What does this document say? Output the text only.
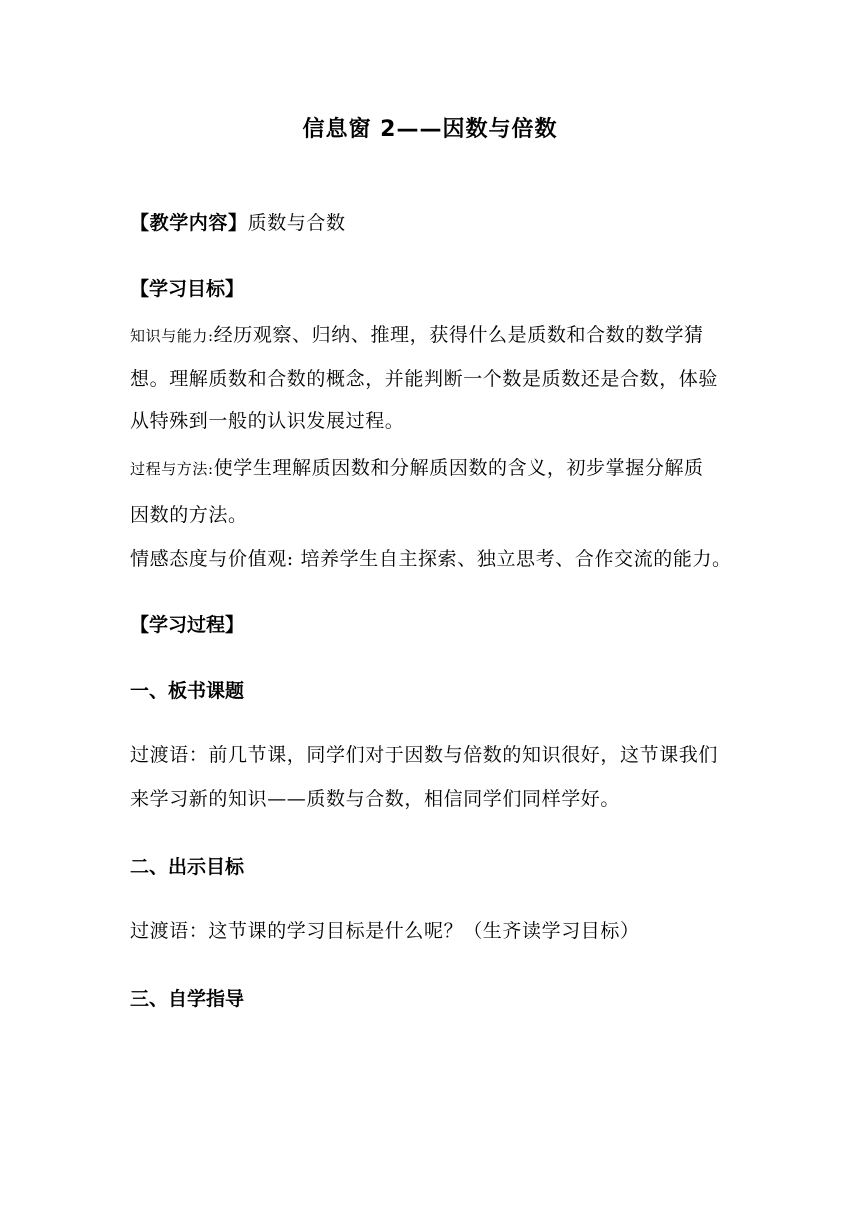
信息窗 2——因数与倍数
【教学内容】质数与合数
【学习目标】
知识与能力:经历观察、归纳、推理，获得什么是质数和合数的数学猜
想。理解质数和合数的概念，并能判断一个数是质数还是合数，体验
从特殊到一般的认识发展过程。
过程与方法:使学生理解质因数和分解质因数的含义，初步掌握分解质
因数的方法。
情感态度与价值观: 培养学生自主探索、独立思考、合作交流的能力。
【学习过程】
一、板书课题
过渡语：前几节课，同学们对于因数与倍数的知识很好，这节课我们
来学习新的知识——质数与合数，相信同学们同样学好。
二、出示目标
过渡语：这节课的学习目标是什么呢？（生齐读学习目标）
三、自学指导
